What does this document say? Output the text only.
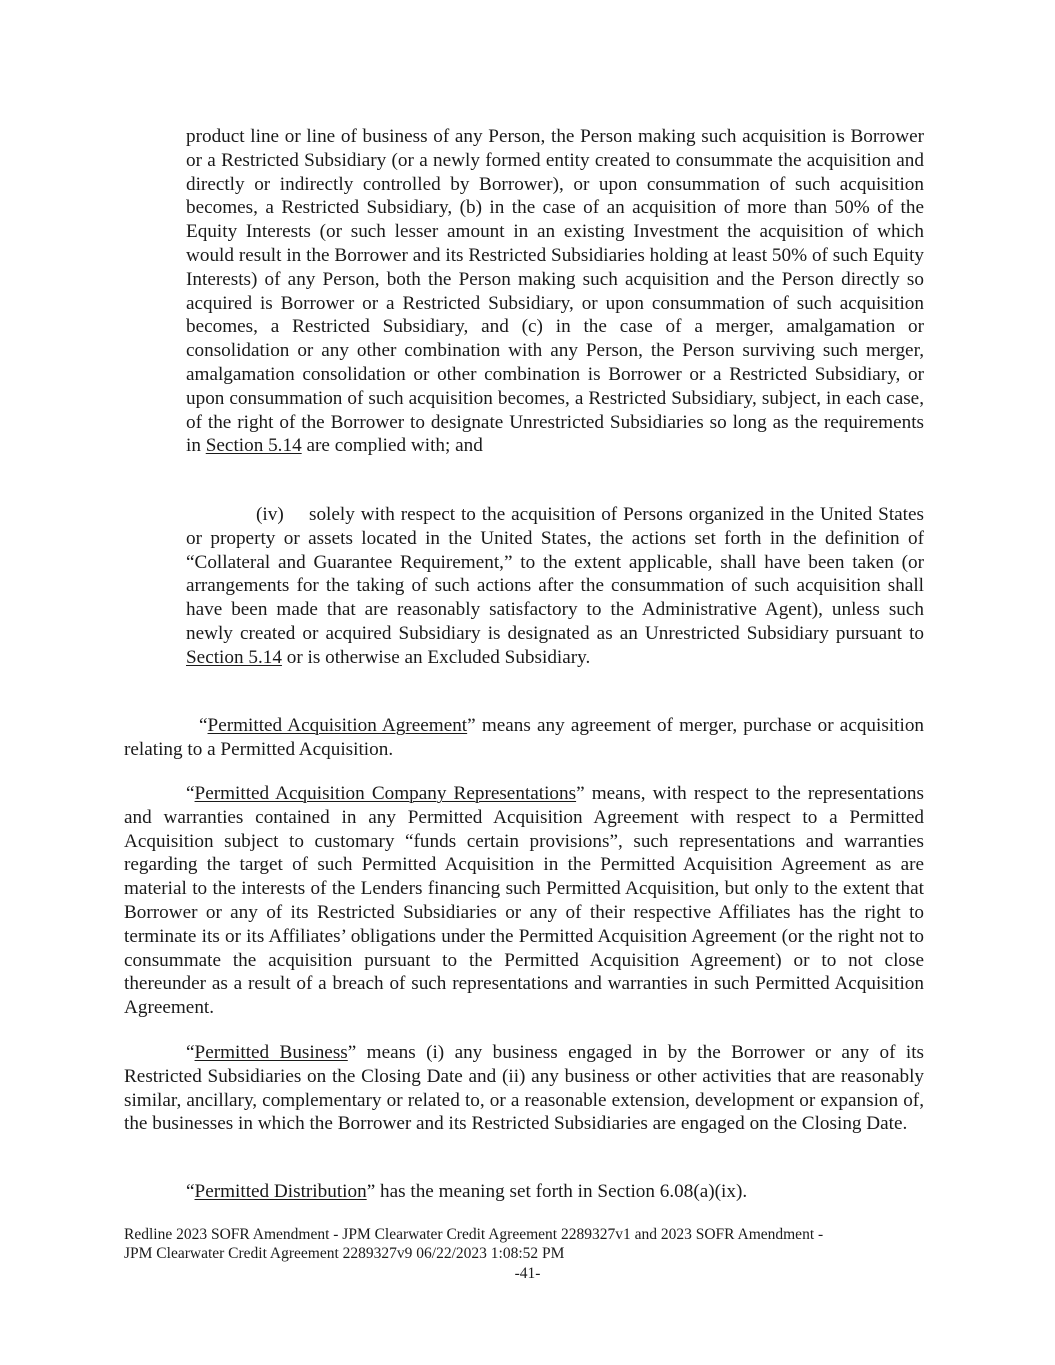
product line or line of business of any Person, the Person making such acquisition is Borrower or a Restricted Subsidiary (or a newly formed entity created to consummate the acquisition and directly or indirectly controlled by Borrower), or upon consummation of such acquisition becomes, a Restricted Subsidiary, (b) in the case of an acquisition of more than 50% of the Equity Interests (or such lesser amount in an existing Investment the acquisition of which would result in the Borrower and its Restricted Subsidiaries holding at least 50% of such Equity Interests) of any Person, both the Person making such acquisition and the Person directly so acquired is Borrower or a Restricted Subsidiary, or upon consummation of such acquisition becomes, a Restricted Subsidiary, and (c) in the case of a merger, amalgamation or consolidation or any other combination with any Person, the Person surviving such merger, amalgamation consolidation or other combination is Borrower or a Restricted Subsidiary, or upon consummation of such acquisition becomes, a Restricted Subsidiary, subject, in each case, of the right of the Borrower to designate Unrestricted Subsidiaries so long as the requirements in Section 5.14 are complied with; and

(iv) solely with respect to the acquisition of Persons organized in the United States or property or assets located in the United States, the actions set forth in the definition of “Collateral and Guarantee Requirement,” to the extent applicable, shall have been taken (or arrangements for the taking of such actions after the consummation of such acquisition shall have been made that are reasonably satisfactory to the Administrative Agent), unless such newly created or acquired Subsidiary is designated as an Unrestricted Subsidiary pursuant to Section 5.14 or is otherwise an Excluded Subsidiary.

“Permitted Acquisition Agreement” means any agreement of merger, purchase or acquisition relating to a Permitted Acquisition.

“Permitted Acquisition Company Representations” means, with respect to the representations and warranties contained in any Permitted Acquisition Agreement with respect to a Permitted Acquisition subject to customary “funds certain provisions”, such representations and warranties regarding the target of such Permitted Acquisition in the Permitted Acquisition Agreement as are material to the interests of the Lenders financing such Permitted Acquisition, but only to the extent that Borrower or any of its Restricted Subsidiaries or any of their respective Affiliates has the right to terminate its or its Affiliates’ obligations under the Permitted Acquisition Agreement (or the right not to consummate the acquisition pursuant to the Permitted Acquisition Agreement) or to not close thereunder as a result of a breach of such representations and warranties in such Permitted Acquisition Agreement.

“Permitted Business” means (i) any business engaged in by the Borrower or any of its Restricted Subsidiaries on the Closing Date and (ii) any business or other activities that are reasonably similar, ancillary, complementary or related to, or a reasonable extension, development or expansion of, the businesses in which the Borrower and its Restricted Subsidiaries are engaged on the Closing Date.

“Permitted Distribution” has the meaning set forth in Section 6.08(a)(ix).

Redline 2023 SOFR Amendment - JPM Clearwater Credit Agreement 2289327v1 and 2023 SOFR Amendment -
JPM Clearwater Credit Agreement 2289327v9 06/22/2023 1:08:52 PM
-41-
